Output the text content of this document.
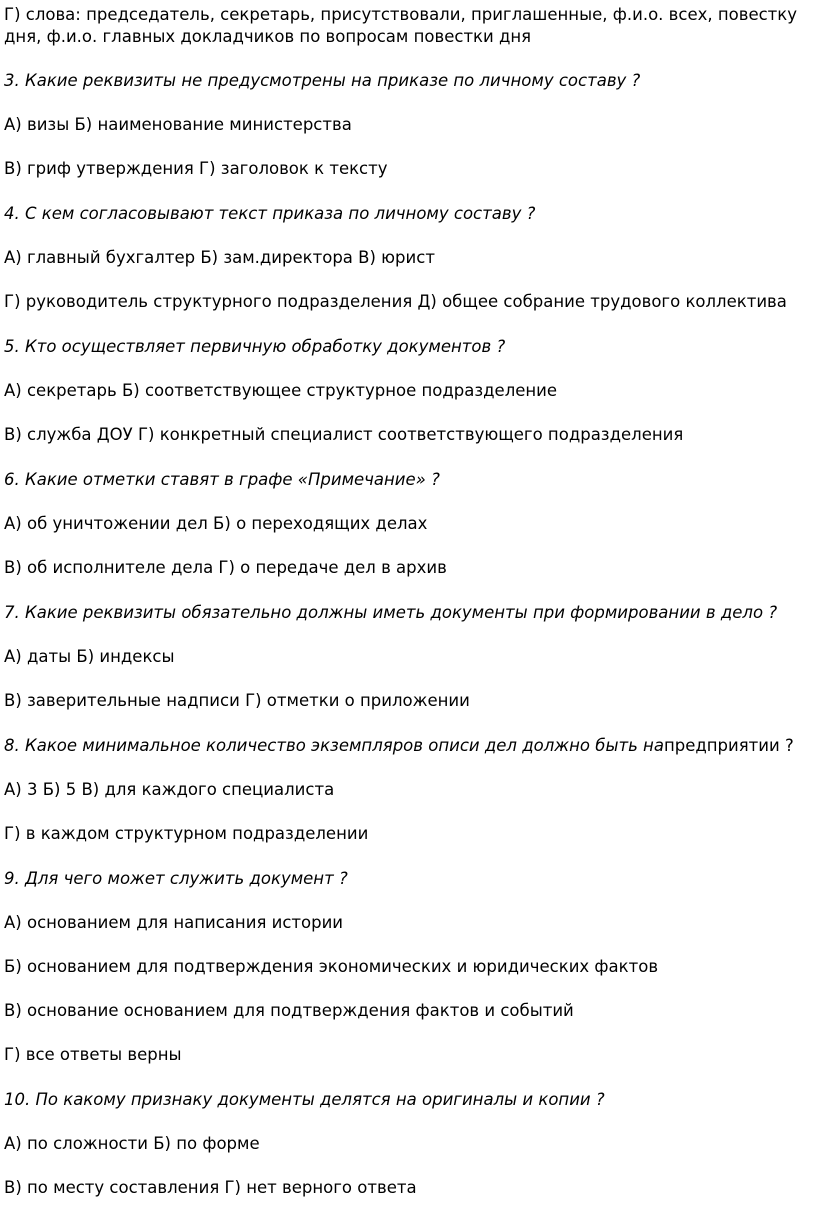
Г) слова: председатель, секретарь, присутствовали, приглашенные, ф.и.о. всех, повестку дня, ф.и.о. главных докладчиков по вопросам повестки дня
3. Какие реквизиты не предусмотрены на приказе по личному составу ?
А) визы Б) наименование министерства
В) гриф утверждения Г) заголовок к тексту
4. С кем согласовывают текст приказа по личному составу ?
А) главный бухгалтер Б) зам.директора В) юрист
Г) руководитель структурного подразделения Д) общее собрание трудового коллектива
5. Кто осуществляет первичную обработку документов ?
А) секретарь Б) соответствующее структурное подразделение
В) служба ДОУ Г) конкретный специалист соответствующего подразделения
6. Какие отметки ставят в графе «Примечание» ?
А) об уничтожении дел Б) о переходящих делах
В) об исполнителе дела Г) о передаче дел в архив
7. Какие реквизиты обязательно должны иметь документы при формировании в дело ?
А) даты Б) индексы
В) заверительные надписи Г) отметки о приложении
8. Какое минимальное количество экземпляров описи дел должно быть напредприятии ?
А) 3 Б) 5 В) для каждого специалиста
Г) в каждом структурном подразделении
9. Для чего может служить документ ?
А) основанием для написания истории
Б) основанием для подтверждения экономических и юридических фактов
В) основание основанием для подтверждения фактов и событий
Г) все ответы верны
10. По какому признаку документы делятся на оригиналы и копии ?
А) по сложности Б) по форме
В) по месту составления Г) нет верного ответа
